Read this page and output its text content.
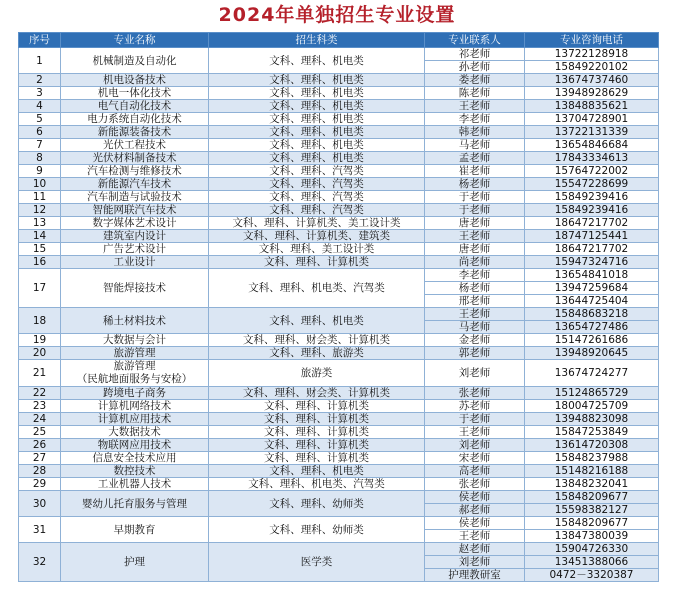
2024年单独招生专业设置
序号	专业名称	招生科类	专业联系人	专业咨询电话
1	机械制造及自动化	文科、理科、机电类	祁老师	13722128918
			孙老师	15849220102
2	机电设备技术	文科、理科、机电类	娄老师	13674737460
3	机电一体化技术	文科、理科、机电类	陈老师	13948928629
4	电气自动化技术	文科、理科、机电类	王老师	13848835621
5	电力系统自动化技术	文科、理科、机电类	李老师	13704728901
6	新能源装备技术	文科、理科、机电类	韩老师	13722131339
7	光伏工程技术	文科、理科、机电类	马老师	13654846684
8	光伏材料制备技术	文科、理科、机电类	孟老师	17843334613
9	汽车检测与维修技术	文科、理科、汽驾类	崔老师	15764722002
10	新能源汽车技术	文科、理科、汽驾类	杨老师	15547228699
11	汽车制造与试验技术	文科、理科、汽驾类	于老师	15849239416
12	智能网联汽车技术	文科、理科、汽驾类	于老师	15849239416
13	数字媒体艺术设计	文科、理科、计算机类、美工设计类	唐老师	18647217702
14	建筑室内设计	文科、理科、计算机类、建筑类	王老师	18747125441
15	广告艺术设计	文科、理科、美工设计类	唐老师	18647217702
16	工业设计	文科、理科、计算机类	尚老师	15947324716
17	智能焊接技术	文科、理科、机电类、汽驾类	李老师	13654841018
			杨老师	13947259684
			邢老师	13644725404
18	稀土材料技术	文科、理科、机电类	王老师	15848683218
			马老师	13654727486
19	大数据与会计	文科、理科、财会类、计算机类	金老师	15147261686
20	旅游管理	文科、理科、旅游类	郭老师	13948920645
21	旅游管理
（民航地面服务与安检）	旅游类	刘老师	13674724277
22	跨境电子商务	文科、理科、财会类、计算机类	张老师	15124865729
23	计算机网络技术	文科、理科、计算机类	苏老师	18004725709
24	计算机应用技术	文科、理科、计算机类	于老师	13948823098
25	大数据技术	文科、理科、计算机类	王老师	15847253849
26	物联网应用技术	文科、理科、计算机类	刘老师	13614720308
27	信息安全技术应用	文科、理科、计算机类	宋老师	15848237988
28	数控技术	文科、理科、机电类	高老师	15148216188
29	工业机器人技术	文科、理科、机电类、汽驾类	张老师	13848232041
30	婴幼儿托育服务与管理	文科、理科、幼师类	侯老师	15848209677
			郝老师	15598382127
31	早期教育	文科、理科、幼师类	侯老师	15848209677
			王老师	13847380039
32	护理	医学类	赵老师	15904726330
			刘老师	13451388066
			护理教研室	0472－3320387
